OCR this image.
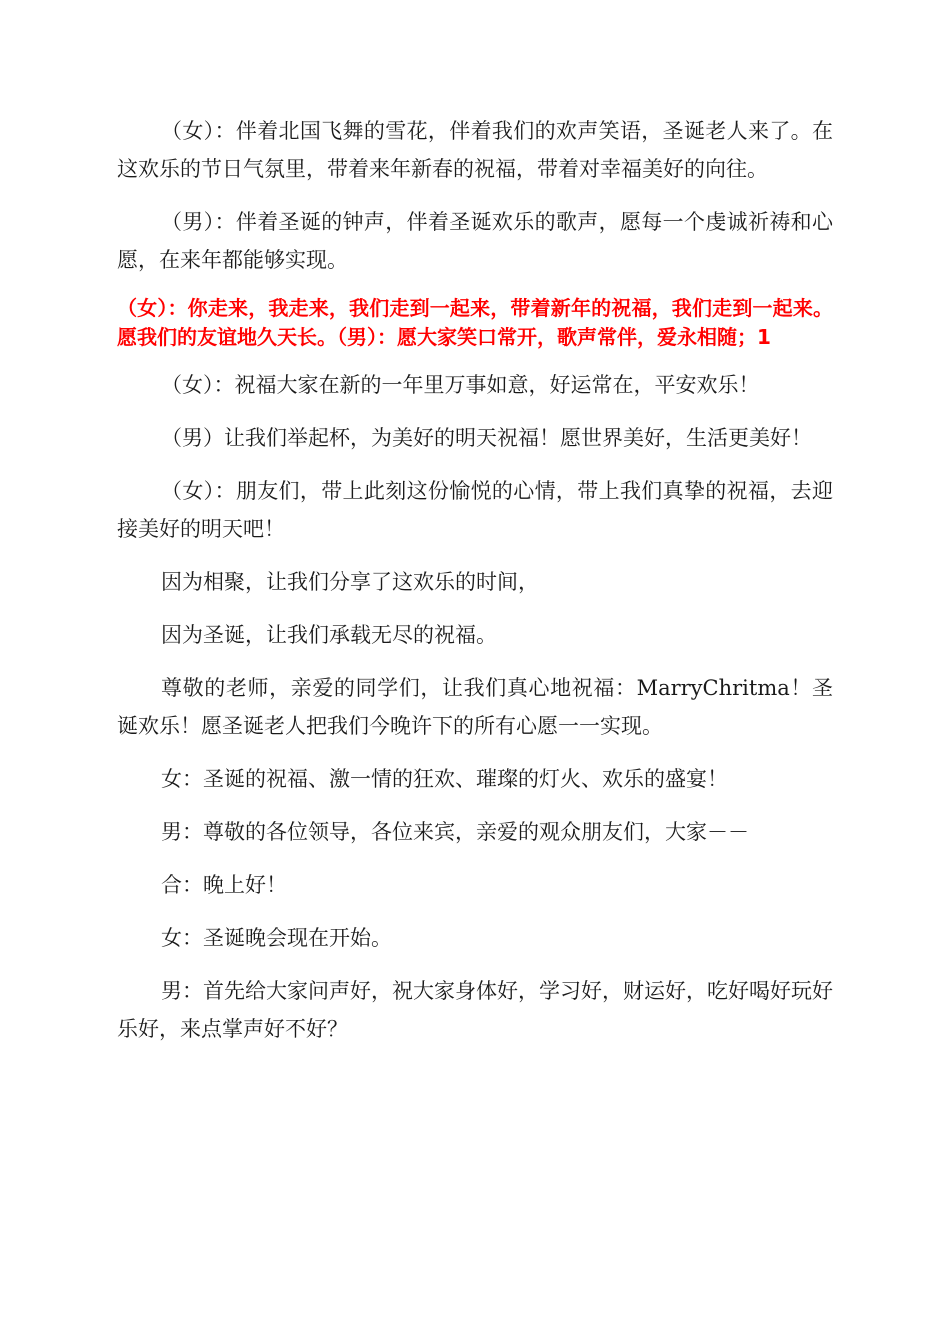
（女）：伴着北国飞舞的雪花，伴着我们的欢声笑语，圣诞老人来了。在这欢乐的节日气氛里，带着来年新春的祝福，带着对幸福美好的向往。

（男）：伴着圣诞的钟声，伴着圣诞欢乐的歌声，愿每一个虔诚祈祷和心愿，在来年都能够实现。

（女）：你走来，我走来，我们走到一起来，带着新年的祝福，我们走到一起来。愿我们的友谊地久天长。（男）：愿大家笑口常开，歌声常伴，爱永相随；1

（女）：祝福大家在新的一年里万事如意，好运常在，平安欢乐！

（男）让我们举起杯，为美好的明天祝福！愿世界美好，生活更美好！

（女）：朋友们，带上此刻这份愉悦的心情，带上我们真挚的祝福，去迎接美好的明天吧！

因为相聚，让我们分享了这欢乐的时间，

因为圣诞，让我们承载无尽的祝福。

尊敬的老师，亲爱的同学们，让我们真心地祝福：MarryChritma！圣诞欢乐！愿圣诞老人把我们今晚许下的所有心愿一一实现。

女：圣诞的祝福、激一情的狂欢、璀璨的灯火、欢乐的盛宴！

男：尊敬的各位领导，各位来宾，亲爱的观众朋友们，大家－－

合：晚上好！

女：圣诞晚会现在开始。

男：首先给大家问声好，祝大家身体好，学习好，财运好，吃好喝好玩好乐好，来点掌声好不好？
